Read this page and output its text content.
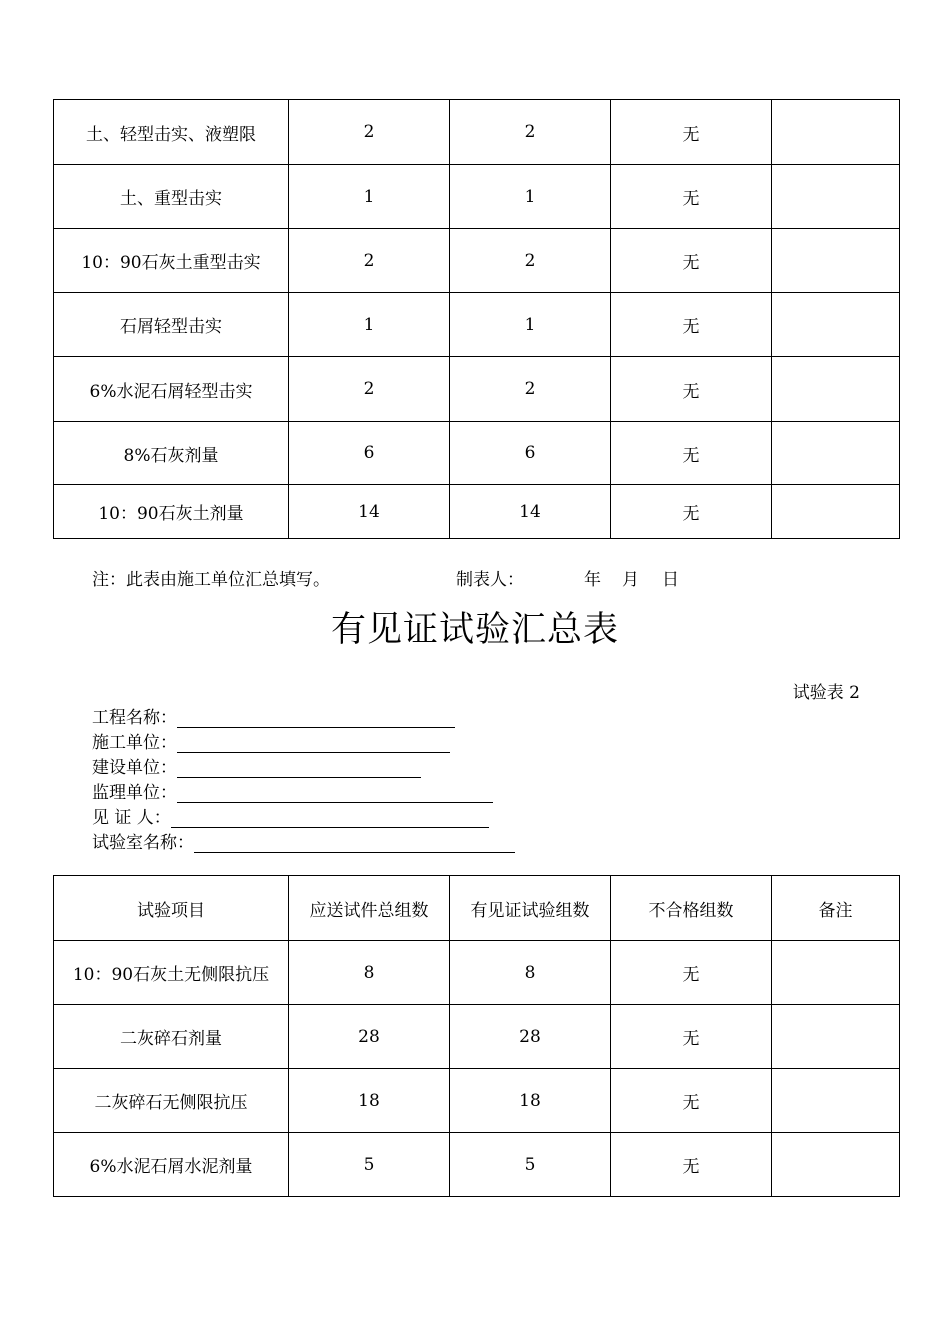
土、轻型击实、液塑限	2	2	无	
土、重型击实	1	1	无	
10：90石灰土重型击实	2	2	无	
石屑轻型击实	1	1	无	
6%水泥石屑轻型击实	2	2	无	
8%石灰剂量	6	6	无	
10：90石灰土剂量	14	14	无	
注：此表由施工单位汇总填写。	制表人：	年 月 日
有见证试验汇总表
试验表 2
工程名称：
施工单位：
建设单位：
监理单位：
见 证 人：
试验室名称：
试验项目	应送试件总组数	有见证试验组数	不合格组数	备注
10：90石灰土无侧限抗压	8	8	无	
二灰碎石剂量	28	28	无	
二灰碎石无侧限抗压	18	18	无	
6%水泥石屑水泥剂量	5	5	无	
